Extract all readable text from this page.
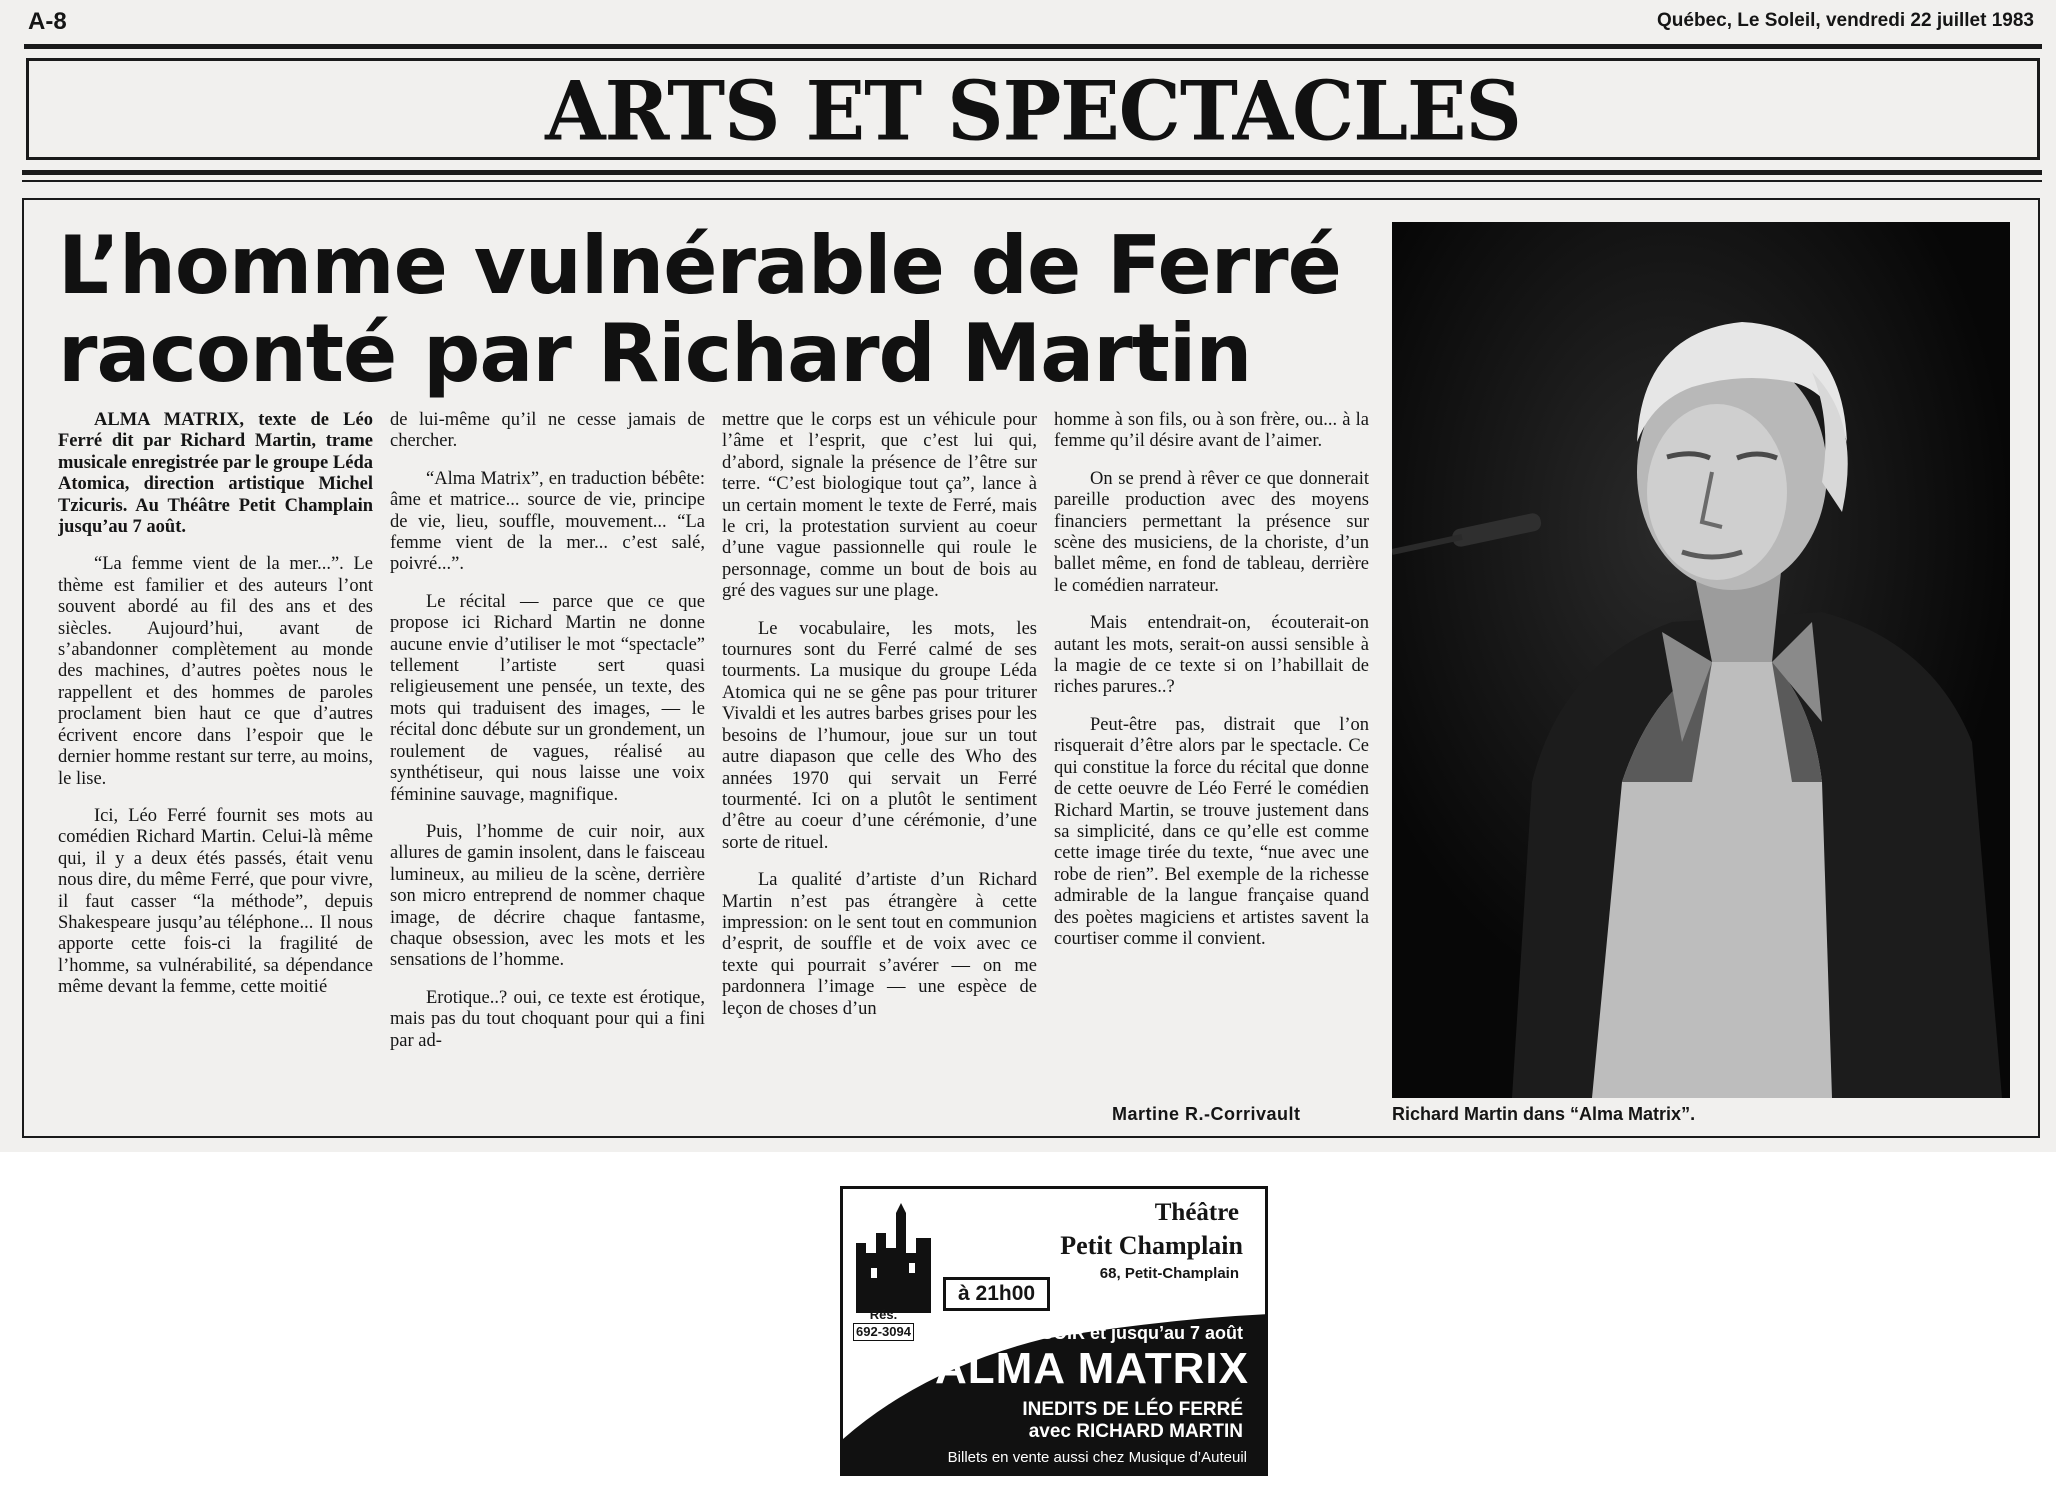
A-8	Québec, Le Soleil, vendredi 22 juillet 1983
ARTS ET SPECTACLES
L’homme vulnérable de Ferré
raconté par Richard Martin

ALMA MATRIX, texte de Léo Ferré dit par Richard Martin, trame musicale enregistrée par le groupe Léda Atomica, direction artistique Michel Tzicuris. Au Théâtre Petit Champlain jusqu’au 7 août.

“La femme vient de la mer...”. Le thème est familier et des auteurs l’ont souvent abordé au fil des ans et des siècles. Aujourd’hui, avant de s’abandonner complètement au monde des machines, d’autres poètes nous le rappellent et des hommes de paroles proclament bien haut ce que d’autres écrivent encore dans l’espoir que le dernier homme restant sur terre, au moins, le lise.

Ici, Léo Ferré fournit ses mots au comédien Richard Martin. Celui-là même qui, il y a deux étés passés, était venu nous dire, du même Ferré, que pour vivre, il faut casser “la méthode”, depuis Shakespeare jusqu’au téléphone... Il nous apporte cette fois-ci la fragilité de l’homme, sa vulnérabilité, sa dépendance même devant la femme, cette moitié

de lui-même qu’il ne cesse jamais de chercher.

“Alma Matrix”, en traduction bébête: âme et matrice... source de vie, principe de vie, lieu, souffle, mouvement... “La femme vient de la mer... c’est salé, poivré...”.

Le récital — parce que ce que propose ici Richard Martin ne donne aucune envie d’utiliser le mot “spectacle” tellement l’artiste sert quasi religieusement une pensée, un texte, des mots qui traduisent des images, — le récital donc débute sur un grondement, un roulement de vagues, réalisé au synthétiseur, qui nous laisse une voix féminine sauvage, magnifique.

Puis, l’homme de cuir noir, aux allures de gamin insolent, dans le faisceau lumineux, au milieu de la scène, derrière son micro entreprend de nommer chaque image, de décrire chaque fantasme, chaque obsession, avec les mots et les sensations de l’homme.

Erotique..? oui, ce texte est érotique, mais pas du tout choquant pour qui a fini par ad-

mettre que le corps est un véhicule pour l’âme et l’esprit, que c’est lui qui, d’abord, signale la présence de l’être sur terre. “C’est biologique tout ça”, lance à un certain moment le texte de Ferré, mais le cri, la protestation survient au coeur d’une vague passionnelle qui roule le personnage, comme un bout de bois au gré des vagues sur une plage.

Le vocabulaire, les mots, les tournures sont du Ferré calmé de ses tourments. La musique du groupe Léda Atomica qui ne se gêne pas pour triturer Vivaldi et les autres barbes grises pour les besoins de l’humour, joue sur un tout autre diapason que celle des Who des années 1970 qui servait un Ferré tourmenté. Ici on a plutôt le sentiment d’être au coeur d’une cérémonie, d’une sorte de rituel.

La qualité d’artiste d’un Richard Martin n’est pas étrangère à cette impression: on le sent tout en communion d’esprit, de souffle et de voix avec ce texte qui pourrait s’avérer — on me pardonnera l’image — une espèce de leçon de choses d’un

homme à son fils, ou à son frère, ou... à la femme qu’il désire avant de l’aimer.

On se prend à rêver ce que donnerait pareille production avec des moyens financiers permettant la présence sur scène des musiciens, de la choriste, d’un ballet même, en fond de tableau, derrière le comédien narrateur.

Mais entendrait-on, écouterait-on autant les mots, serait-on aussi sensible à la magie de ce texte si on l’habillait de riches parures..?

Peut-être pas, distrait que l’on risquerait d’être alors par le spectacle. Ce qui constitue la force du récital que donne de cette oeuvre de Léo Ferré le comédien Richard Martin, se trouve justement dans sa simplicité, dans ce qu’elle est comme cette image tirée du texte, “nue avec une robe de rien”. Bel exemple de la richesse admirable de la langue française quand des poètes magiciens et artistes savent la courtiser comme il convient.

Martine R.-Corrivault	Richard Martin dans “Alma Matrix”.
Théâtre
Petit Champlain
68, Petit-Champlain
à 21h00
Rés.
692-3094	CE SOIR et jusqu’au 7 août
ALMA MATRIX
INEDITS DE LÉO FERRÉ
avec RICHARD MARTIN
Billets en vente aussi chez Musique d’Auteuil
